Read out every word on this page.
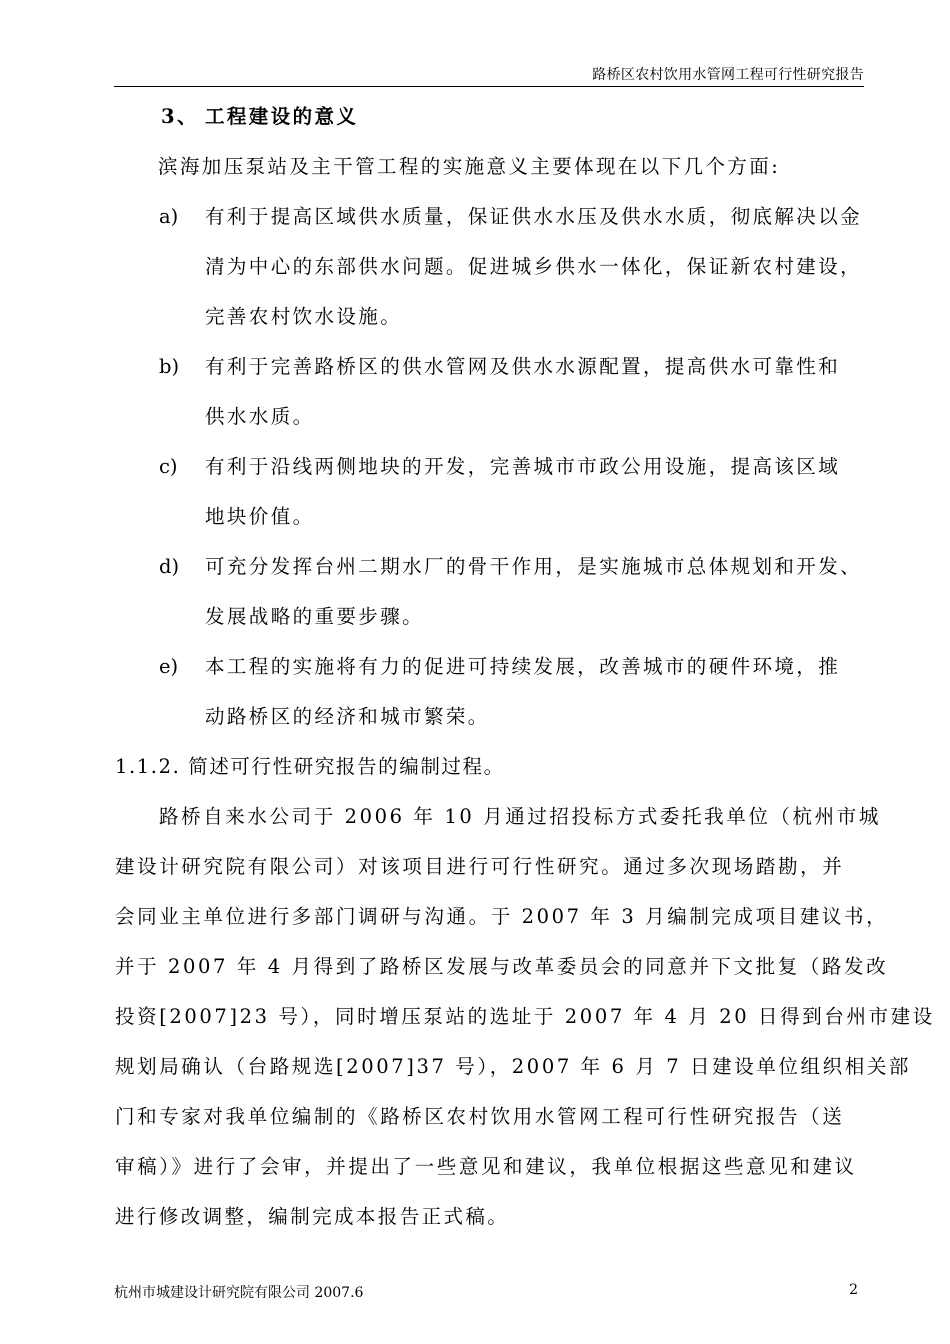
路桥区农村饮用水管网工程可行性研究报告
3、 工程建设的意义
滨海加压泵站及主干管工程的实施意义主要体现在以下几个方面:
a) 有利于提高区域供水质量，保证供水水压及供水水质，彻底解决以金
清为中心的东部供水问题。促进城乡供水一体化，保证新农村建设，
完善农村饮水设施。
b) 有利于完善路桥区的供水管网及供水水源配置，提高供水可靠性和
供水水质。
c) 有利于沿线两侧地块的开发，完善城市市政公用设施，提高该区域
地块价值。
d) 可充分发挥台州二期水厂的骨干作用，是实施城市总体规划和开发、
发展战略的重要步骤。
e) 本工程的实施将有力的促进可持续发展，改善城市的硬件环境，推
动路桥区的经济和城市繁荣。
1.1.2. 简述可行性研究报告的编制过程。
路桥自来水公司于 2006 年 10 月通过招投标方式委托我单位（杭州市城
建设计研究院有限公司）对该项目进行可行性研究。通过多次现场踏勘，并
会同业主单位进行多部门调研与沟通。于 2007 年 3 月编制完成项目建议书，
并于 2007 年 4 月得到了路桥区发展与改革委员会的同意并下文批复（路发改
投资[2007]23 号），同时增压泵站的选址于 2007 年 4 月 20 日得到台州市建设
规划局确认（台路规选[2007]37 号），2007 年 6 月 7 日建设单位组织相关部
门和专家对我单位编制的《路桥区农村饮用水管网工程可行性研究报告（送
审稿）》进行了会审，并提出了一些意见和建议，我单位根据这些意见和建议
进行修改调整，编制完成本报告正式稿。
杭州市城建设计研究院有限公司 2007.6	2
